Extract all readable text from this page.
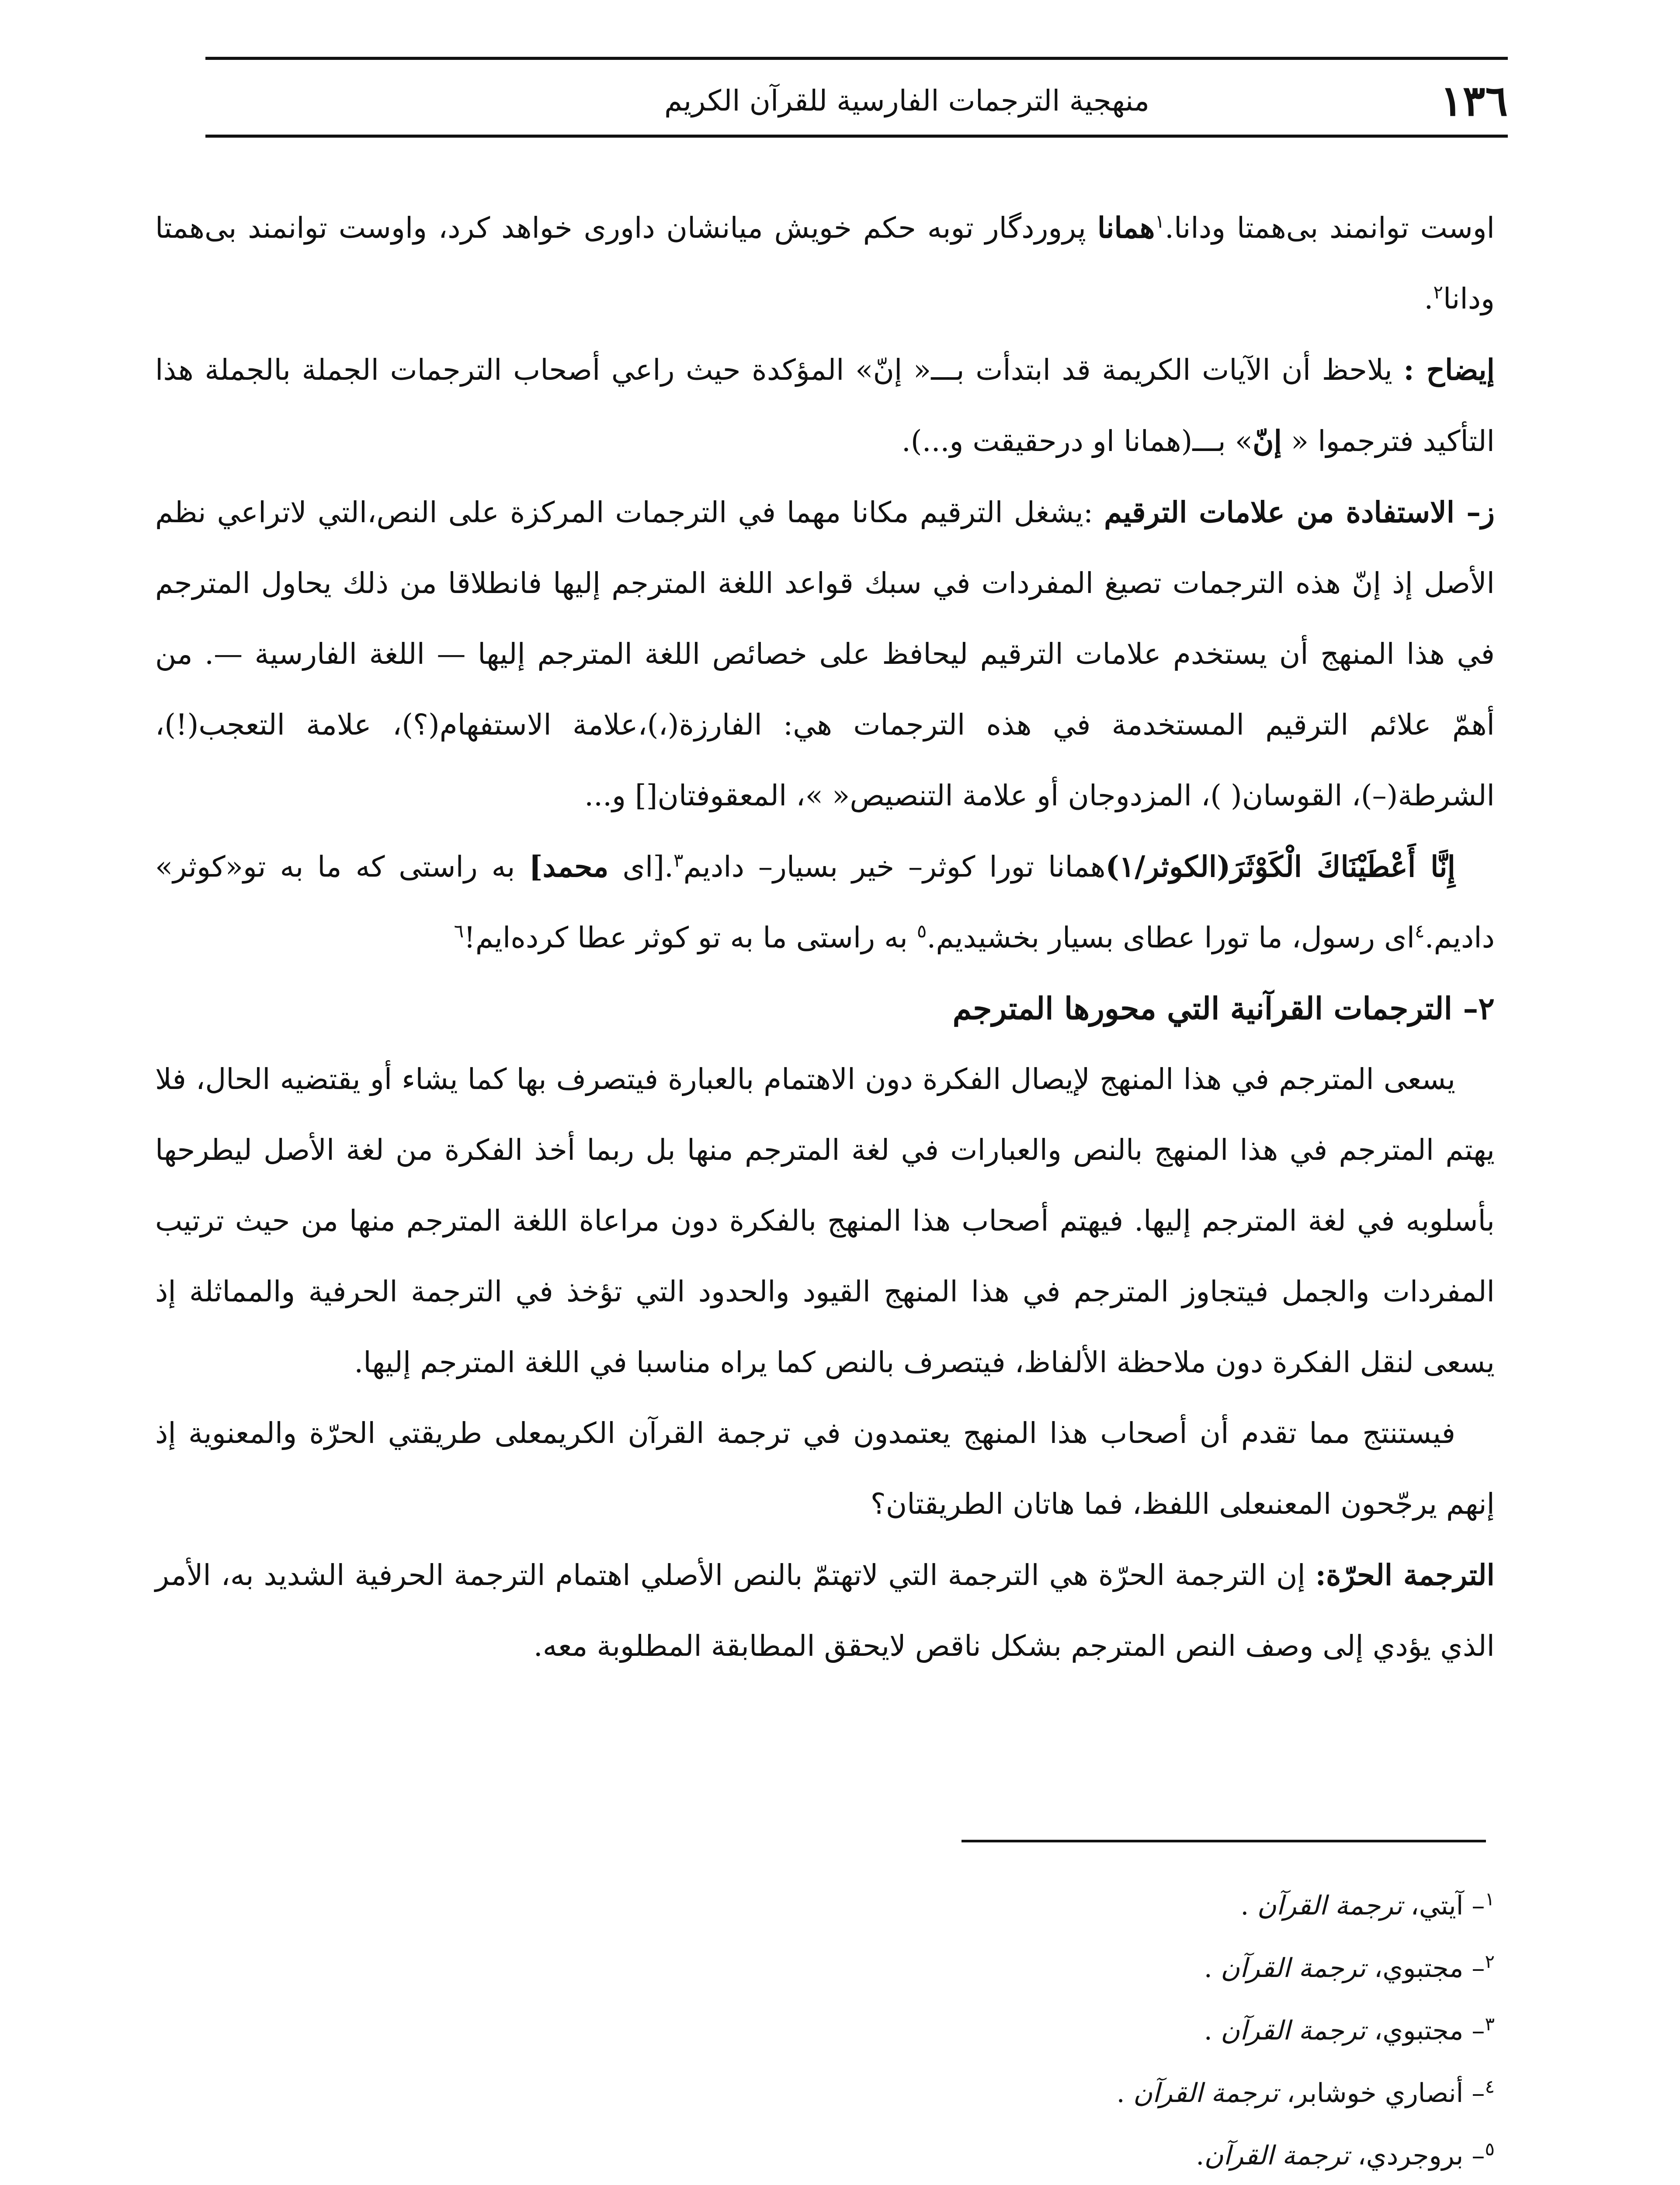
١٣٦
منهجية الترجمات الفارسية للقرآن الكريم

اوست توانمند بی‌همتا ودانا.$^١$همانا پروردگار توبه حکم خويش ميانشان داوری خواهد کرد، واوست توانمند بی‌همتا ودانا$^٢$.

إيضاح : يلاحظ أن الآيات الكريمة قد ابتدأت بـــ« إنّ» المؤكدة حيث راعي أصحاب الترجمات الجملة بالجملة هذا التأكيد فترجموا « إنّ» بـــ(همانا او درحقيقت و...).

ز– الاستفادة من علامات الترقيم :يشغل الترقيم مكانا مهما في الترجمات المركزة على النص،التي لاتراعي نظم الأصل إذ إنّ هذه الترجمات تصيغ المفردات في سبك قواعد اللغة المترجم إليها فانطلاقا من ذلك يحاول المترجم في هذا المنهج أن يستخدم علامات الترقيم ليحافظ على خصائص اللغة المترجم إليها — اللغة الفارسية —. من أهمّ علائم الترقيم المستخدمة في هذه الترجمات هي: الفارزة(،)،علامة الاستفهام(؟)، علامة التعجب(!)، الشرطة(–)، القوسان( )، المزدوجان أو علامة التنصيص« »، المعقوفتان[] و...

إِنَّا أَعْطَيْنَاكَ الْكَوْثَرَ(الكوثر/١)همانا تورا كوثر– خير بسيار– دادیم$^٣$.[ای محمد] به راستی که ما به تو«کوثر» دادیم.$^٤$ای رسول، ما تورا عطای بسیار بخشیدیم.$^٥$ به راستی ما به تو کوثر عطا کرده‌ایم!$^٦$

٢– الترجمات القرآنية التي محورها المترجم

يسعى المترجم في هذا المنهج لإيصال الفكرة دون الاهتمام بالعبارة فيتصرف بها كما يشاء أو يقتضيه الحال، فلا يهتم المترجم في هذا المنهج بالنص والعبارات في لغة المترجم منها بل ربما أخذ الفكرة من لغة الأصل ليطرحها بأسلوبه في لغة المترجم إليها. فيهتم أصحاب هذا المنهج بالفكرة دون مراعاة اللغة المترجم منها من حيث ترتيب المفردات والجمل فيتجاوز المترجم في هذا المنهج القيود والحدود التي تؤخذ في الترجمة الحرفية والمماثلة إذ يسعى لنقل الفكرة دون ملاحظة الألفاظ، فيتصرف بالنص كما يراه مناسبا في اللغة المترجم إليها.

فيستنتج مما تقدم أن أصحاب هذا المنهج يعتمدون في ترجمة القرآن الكريمعلى طريقتي الحرّة والمعنوية إذ إنهم يرجّحون المعنىعلى اللفظ، فما هاتان الطريقتان؟

الترجمة الحرّة: إن الترجمة الحرّة هي الترجمة التي لاتهتمّ بالنص الأصلي اهتمام الترجمة الحرفية الشديد به، الأمر الذي يؤدي إلى وصف النص المترجم بشكل ناقص لايحقق المطابقة المطلوبة معه.

$^١$– آيتي، ترجمة القرآن .
$^٢$– مجتبوي، ترجمة القرآن .
$^٣$– مجتبوي، ترجمة القرآن .
$^٤$– أنصاري خوشابر، ترجمة القرآن .
$^٥$– بروجردي، ترجمة القرآن.
